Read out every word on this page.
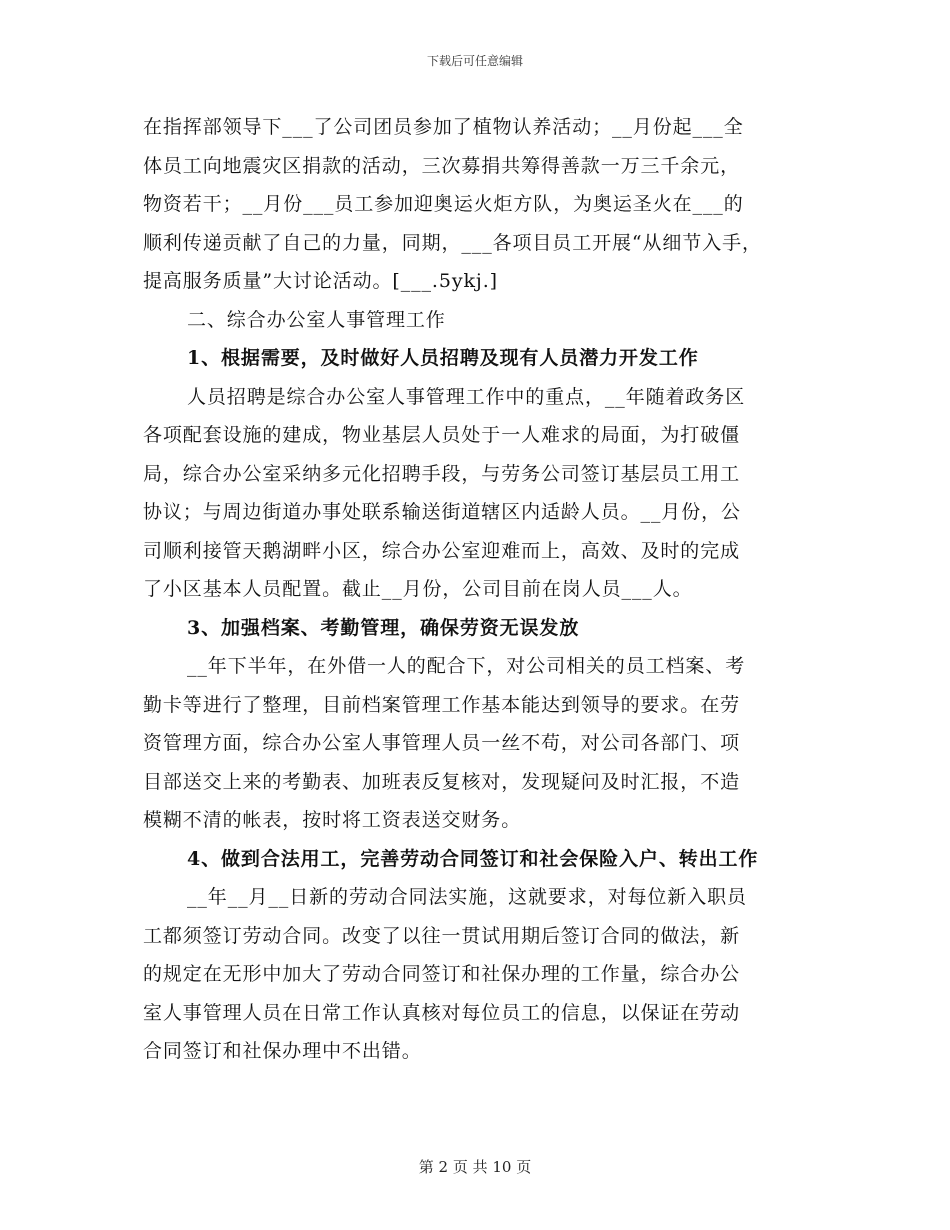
下载后可任意编辑
在指挥部领导下___了公司团员参加了植物认养活动；__月份起___全
体员工向地震灾区捐款的活动，三次募捐共筹得善款一万三千余元，
物资若干；__月份___员工参加迎奥运火炬方队，为奥运圣火在___的
顺利传递贡献了自己的力量，同期，___各项目员工开展“从细节入手，
提高服务质量”大讨论活动。[___.5ykj.]
二、综合办公室人事管理工作
1、根据需要，及时做好人员招聘及现有人员潜力开发工作
人员招聘是综合办公室人事管理工作中的重点，__年随着政务区
各项配套设施的建成，物业基层人员处于一人难求的局面，为打破僵
局，综合办公室采纳多元化招聘手段，与劳务公司签订基层员工用工
协议；与周边街道办事处联系输送街道辖区内适龄人员。__月份，公
司顺利接管天鹅湖畔小区，综合办公室迎难而上，高效、及时的完成
了小区基本人员配置。截止__月份，公司目前在岗人员___人。
3、加强档案、考勤管理，确保劳资无误发放
__年下半年，在外借一人的配合下，对公司相关的员工档案、考
勤卡等进行了整理，目前档案管理工作基本能达到领导的要求。在劳
资管理方面，综合办公室人事管理人员一丝不苟，对公司各部门、项
目部送交上来的考勤表、加班表反复核对，发现疑问及时汇报，不造
模糊不清的帐表，按时将工资表送交财务。
4、做到合法用工，完善劳动合同签订和社会保险入户、转出工作
__年__月__日新的劳动合同法实施，这就要求，对每位新入职员
工都须签订劳动合同。改变了以往一贯试用期后签订合同的做法，新
的规定在无形中加大了劳动合同签订和社保办理的工作量，综合办公
室人事管理人员在日常工作认真核对每位员工的信息，以保证在劳动
合同签订和社保办理中不出错。
第 2 页 共 10 页
